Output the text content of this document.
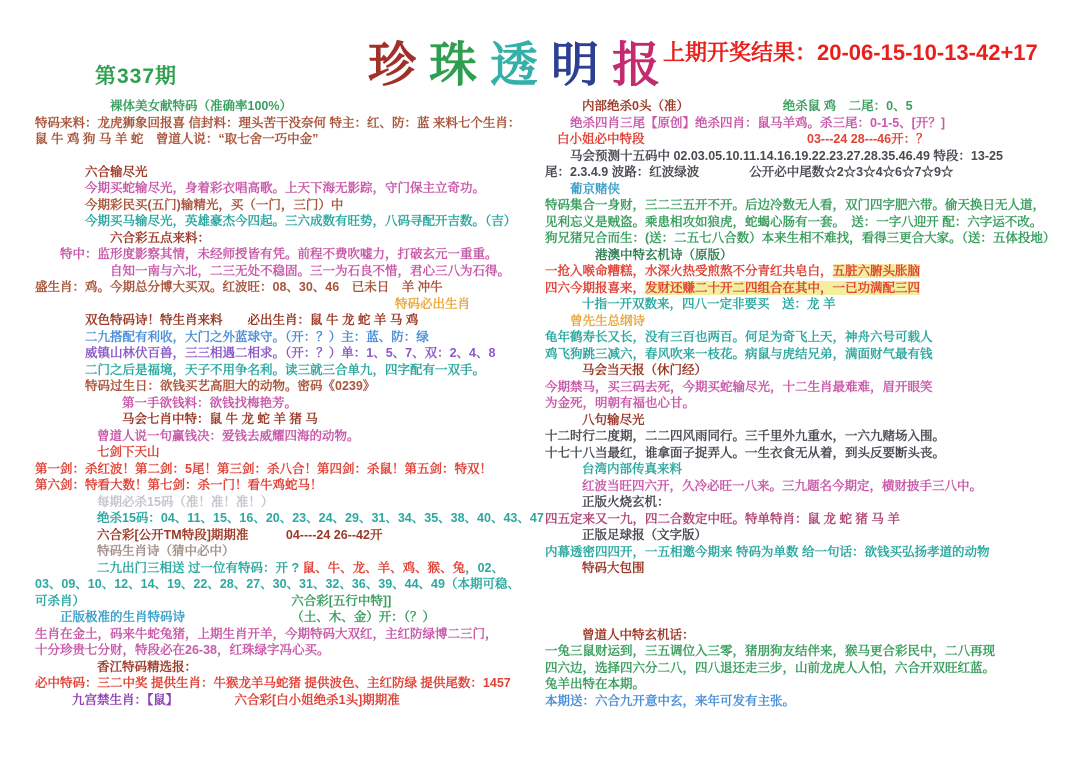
第337期	珍珠透明报
上期开奖结果：20-06-15-10-13-42+17
裸体美女献特码（准确率100%）
特码来料：龙虎狮象回报喜 信封料：理头苦干没奈何 特主：红、防：蓝 来料七个生肖：
鼠 牛 鸡 狗 马 羊 蛇　曾道人说：“取七舍一巧中金”
六合输尽光
今期买蛇输尽光，身着彩衣唱高歌。上天下海无影踪，守门保主立奇功。
今期彩民买(五门)输精光，买（一门，三门）中
今期买马输尽光，英雄豪杰今四起。三六成数有旺势，八码寻配开吉数。（吉）
六合彩五点来料：
特中：监形度影察其情，未经师授皆有凭。前程不费吹嘘力，打破玄元一重重。
自知一南与六北，二三无处不稳固。三一为石良不惜，君心三八为石得。
盛生肖：鸡。今期总分博大买双。红波旺：08、30、46　已未日　羊 冲牛
特码必出生肖
双色特码诗！特生肖来料　　必出生肖：鼠 牛 龙 蛇 羊 马 鸡
二九搭配有利收，大门之外蓝球守。（开：？）主：蓝、防：绿
威镇山林伏百兽，三三相遇二相求。（开：？）单：1、5、7、双：2、4、8
二门之后是福境，天子不用争名利。读三就三合单九，四字配有一双手。
特码过生日：欲钱买艺高胆大的动物。密码《0239》
第一手欲钱料：欲钱找梅艳芳。
马会七肖中特：鼠 牛 龙 蛇 羊 猪 马
曾道人说一句赢钱决：爱钱去威耀四海的动物。
七剑下天山
第一剑：杀红波！第二剑：5尾！第三剑：杀八合！第四剑：杀鼠！第五剑：特双！
第六剑：特看大数！第七剑：杀一门！看牛鸡蛇马！
每期必杀15码（准！准！准！）
绝杀15码：04、11、15、16、20、23、24、29、31、34、35、38、40、43、47
六合彩[公开TM特段]期期准　　　04----24 26--42开
特码生肖诗（猜中必中）
二九出门三相送 过一位有特码：开 ? 鼠、牛、龙、羊、鸡、猴、兔，02、
03、09、10、12、14、19、22、28、27、30、31、32、36、39、44、49（本期可稳、
可杀肖）　　　　　　　　　　　　　　　　　六合彩[五行中特]]
正版极准的生肖特码诗　　　　　　　　　（土、木、金）开：（？）
生肖在金土，码来牛蛇兔猪，上期生肖开羊，今期特码大双红，主红防绿博二三门，
十分珍贵七分财，特段必在26-38，红珠绿字冯心买。
香江特码精选报：
必中特码：三二中奖 提供生肖：牛猴龙羊马蛇猪 提供波色、主红防绿 提供尾数：1457
九宫禁生肖：【鼠】　　　　　六合彩[白小姐绝杀1头]期期准
内部绝杀0头（准）　　　　　　　　绝杀鼠 鸡　二尾：0、5
绝杀四肖三尾【原创】绝杀四肖：鼠马羊鸡。杀三尾：0-1-5、[开？]
白小姐必中特段　　　　　　　　　　　　　03---24 28---46开：？
马会预测十五码中 02.03.05.10.11.14.16.19.22.23.27.28.35.46.49 特段：13-25
尾：2.3.4.9 波路：红波绿波　　　　公开必中尾数☆2☆3☆4☆6☆7☆9☆
葡京赌侠
特码集合一身财，三二三五开不开。后边冷数无人看，双门四字肥六带。偷天换日无人道，
见利忘义是贼盗。乘患相攻如狼虎，蛇蝎心肠有一套。　送：一字八迎开 配：六字运不改。
狗兄猪兄合而生：(送：二五七八合数）本来生相不难找，看得三更合大家。（送：五体投地）
港澳中特玄机诗（原版）
一抢入喉命糟糕，水深火热受煎熬不分青红共皂白，五脏六腑头胀脑
四六今期报喜来，发财还赚二十开二四组合在其中，一已功满配三四
十指一开双数来，四八一定非要买　送：龙 羊
曾先生总纲诗
龟年鹤寿长又长，没有三百也两百。何足为奇飞上天，神舟六号可载人
鸡飞狗跳三减六，春风吹来一枝花。病鼠与虎结兄弟，满面财气最有钱
马会当天报（休门经）
今期禁马，买三码去死，今期买蛇输尽光，十二生肖最难难，眉开眼笑
为金死，明朝有福也心甘。
八句输尽光
十二时行二度期，二二四风雨同行。三千里外九重水，一六九赌场入围。
十七十八当最红，谁拿面子捉弄人。一生衣食无从着，到头反要断头丧。
台湾内部传真来料
红波当旺四六开，久冷必旺一八来。三九题名今期定，横财披手三八中。
正版火烧玄机：
四五定来又一九，四二合数定中旺。特单特肖：鼠 龙 蛇 猪 马 羊
正版足球报（文字版）
内幕透密四四开，一五相邀今期来 特码为单数 给一句话：欲钱买弘扬孝道的动物
特码大包围
曾道人中特玄机话：
一兔三鼠财运到，三五调位入三零，猪朋狗友结伴来，猴马更合彩民中，二八再现
四六边，选择四六分二八，四八退还走三步，山前龙虎人人怕，六合开双旺红蓝。
兔羊出特在本期。
本期送：六合九开意中玄，来年可发有主张。
